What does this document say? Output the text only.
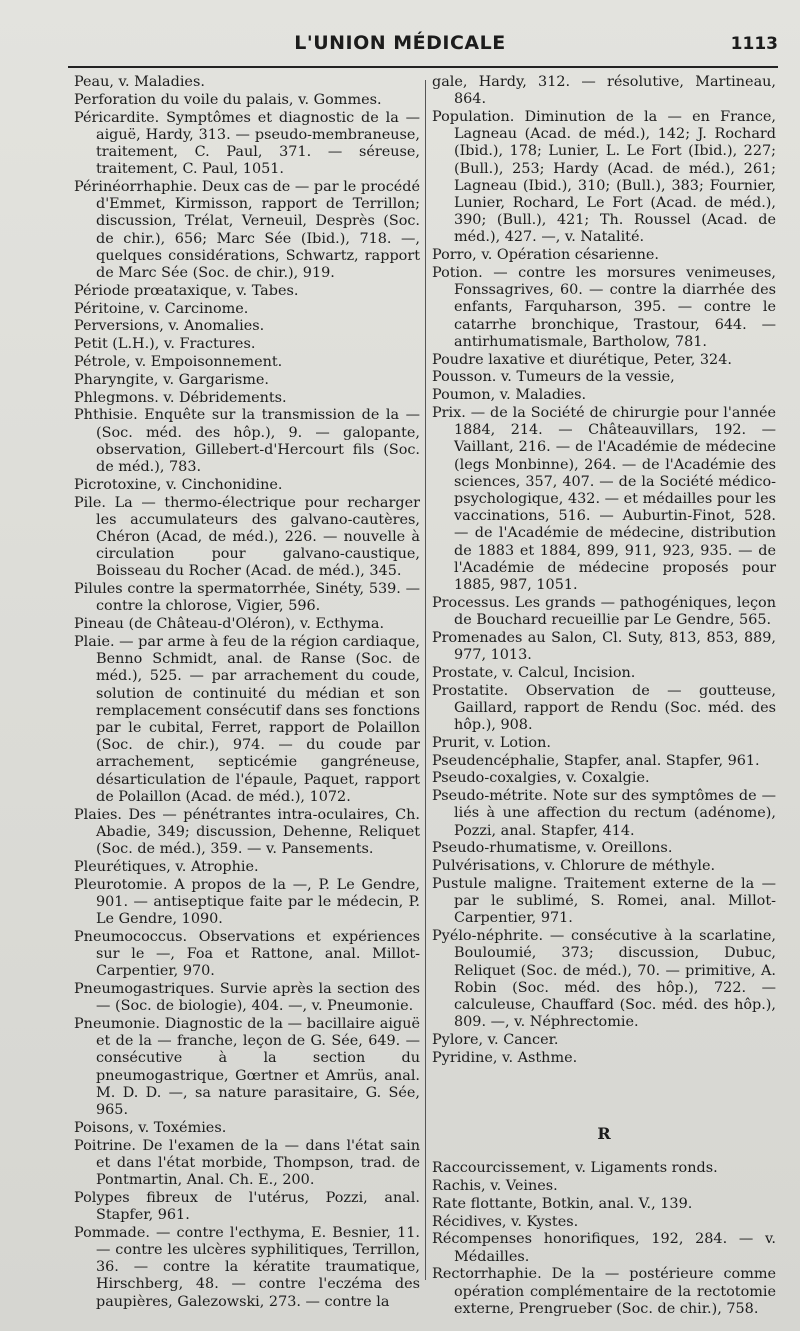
L'UNION MÉDICALE	1113

Peau, v. Maladies.

Perforation du voile du palais, v. Gommes.

Péricardite. Symptômes et diagnostic de la — aiguë, Hardy, 313. — pseudo-membraneuse, traitement, C. Paul, 371. — séreuse, traitement, C. Paul, 1051.

Périnéorrhaphie. Deux cas de — par le procédé d'Emmet, Kirmisson, rapport de Terrillon; discussion, Trélat, Verneuil, Desprès (Soc. de chir.), 656; Marc Sée (Ibid.), 718. —, quelques considérations, Schwartz, rapport de Marc Sée (Soc. de chir.), 919.

Période prœataxique, v. Tabes.

Péritoine, v. Carcinome.

Perversions, v. Anomalies.

Petit (L.H.), v. Fractures.

Pétrole, v. Empoisonnement.

Pharyngite, v. Gargarisme.

Phlegmons. v. Débridements.

Phthisie. Enquête sur la transmission de la — (Soc. méd. des hôp.), 9. — galopante, observation, Gillebert-d'Hercourt fils (Soc. de méd.), 783.

Picrotoxine, v. Cinchonidine.

Pile. La — thermo-électrique pour recharger les accumulateurs des galvano-cautères, Chéron (Acad, de méd.), 226. — nouvelle à circulation pour galvano-caustique, Boisseau du Rocher (Acad. de méd.), 345.

Pilules contre la spermatorrhée, Sinéty, 539. — contre la chlorose, Vigier, 596.

Pineau (de Château-d'Oléron), v. Ecthyma.

Plaie. — par arme à feu de la région cardiaque, Benno Schmidt, anal. de Ranse (Soc. de méd.), 525. — par arrachement du coude, solution de continuité du médian et son remplacement consécutif dans ses fonctions par le cubital, Ferret, rapport de Polaillon (Soc. de chir.), 974. — du coude par arrachement, septicémie gangréneuse, désarticulation de l'épaule, Paquet, rapport de Polaillon (Acad. de méd.), 1072.

Plaies. Des — pénétrantes intra-oculaires, Ch. Abadie, 349; discussion, Dehenne, Reliquet (Soc. de méd.), 359. — v. Pansements.

Pleurétiques, v. Atrophie.

Pleurotomie. A propos de la —, P. Le Gendre, 901. — antiseptique faite par le médecin, P. Le Gendre, 1090.

Pneumococcus. Observations et expériences sur le —, Foa et Rattone, anal. Millot-Carpentier, 970.

Pneumogastriques. Survie après la section des — (Soc. de biologie), 404. —, v. Pneumonie.

Pneumonie. Diagnostic de la — bacillaire aiguë et de la — franche, leçon de G. Sée, 649. — consécutive à la section du pneumogastrique, Gœrtner et Amrüs, anal. M. D. D. —, sa nature parasitaire, G. Sée, 965.

Poisons, v. Toxémies.

Poitrine. De l'examen de la — dans l'état sain et dans l'état morbide, Thompson, trad. de Pontmartin, Anal. Ch. E., 200.

Polypes fibreux de l'utérus, Pozzi, anal. Stapfer, 961.

Pommade. — contre l'ecthyma, E. Besnier, 11. — contre les ulcères syphilitiques, Terrillon, 36. — contre la kératite traumatique, Hirschberg, 48. — contre l'eczéma des paupières, Galezowski, 273. — contre la

gale, Hardy, 312. — résolutive, Martineau, 864.

Population. Diminution de la — en France, Lagneau (Acad. de méd.), 142; J. Rochard (Ibid.), 178; Lunier, L. Le Fort (Ibid.), 227; (Bull.), 253; Hardy (Acad. de méd.), 261; Lagneau (Ibid.), 310; (Bull.), 383; Fournier, Lunier, Rochard, Le Fort (Acad. de méd.), 390; (Bull.), 421; Th. Roussel (Acad. de méd.), 427. —, v. Natalité.

Porro, v. Opération césarienne.

Potion. — contre les morsures venimeuses, Fonssagrives, 60. — contre la diarrhée des enfants, Farquharson, 395. — contre le catarrhe bronchique, Trastour, 644. — antirhumatismale, Bartholow, 781.

Poudre laxative et diurétique, Peter, 324.

Pousson. v. Tumeurs de la vessie,

Poumon, v. Maladies.

Prix. — de la Société de chirurgie pour l'année 1884, 214. — Châteauvillars, 192. — Vaillant, 216. — de l'Académie de médecine (legs Monbinne), 264. — de l'Académie des sciences, 357, 407. — de la Société médico-psychologique, 432. — et médailles pour les vaccinations, 516. — Auburtin-Finot, 528. — de l'Académie de médecine, distribution de 1883 et 1884, 899, 911, 923, 935. — de l'Académie de médecine proposés pour 1885, 987, 1051.

Processus. Les grands — pathogéniques, leçon de Bouchard recueillie par Le Gendre, 565.

Promenades au Salon, Cl. Suty, 813, 853, 889, 977, 1013.

Prostate, v. Calcul, Incision.

Prostatite. Observation de — goutteuse, Gaillard, rapport de Rendu (Soc. méd. des hôp.), 908.

Prurit, v. Lotion.

Pseudencéphalie, Stapfer, anal. Stapfer, 961.

Pseudo-coxalgies, v. Coxalgie.

Pseudo-métrite. Note sur des symptômes de — liés à une affection du rectum (adénome), Pozzi, anal. Stapfer, 414.

Pseudo-rhumatisme, v. Oreillons.

Pulvérisations, v. Chlorure de méthyle.

Pustule maligne. Traitement externe de la — par le sublimé, S. Romei, anal. Millot-Carpentier, 971.

Pyélo-néphrite. — consécutive à la scarlatine, Bouloumié, 373; discussion, Dubuc, Reliquet (Soc. de méd.), 70. — primitive, A. Robin (Soc. méd. des hôp.), 722. — calculeuse, Chauffard (Soc. méd. des hôp.), 809. —, v. Néphrectomie.

Pylore, v. Cancer.

Pyridine, v. Asthme.

R

Raccourcissement, v. Ligaments ronds.

Rachis, v. Veines.

Rate flottante, Botkin, anal. V., 139.

Récidives, v. Kystes.

Récompenses honorifiques, 192, 284. — v. Médailles.

Rectorrhaphie. De la — postérieure comme opération complémentaire de la rectotomie externe, Prengrueber (Soc. de chir.), 758.
